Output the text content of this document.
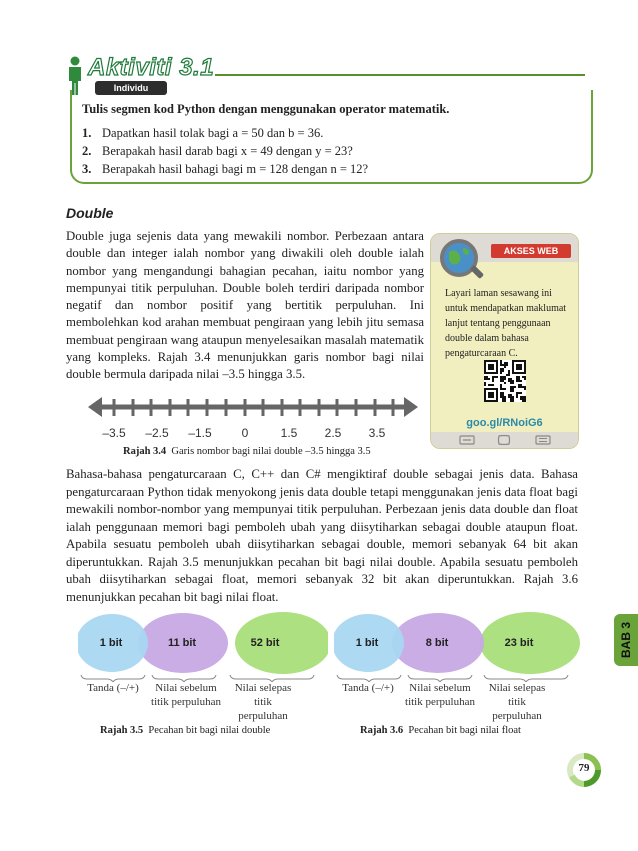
Aktiviti 3.1
Individu
Tulis segmen kod Python dengan menggunakan operator matematik.
1. Dapatkan hasil tolak bagi a = 50 dan b = 36.
2. Berapakah hasil darab bagi x = 49 dengan y = 23?
3. Berapakah hasil bahagi bagi m = 128 dengan n = 12?
Double
Double juga sejenis data yang mewakili nombor. Perbezaan antara double dan integer ialah nombor yang diwakili oleh double ialah nombor yang mengandungi bahagian pecahan, iaitu nombor yang mempunyai titik perpuluhan. Double boleh terdiri daripada nombor negatif dan nombor positif yang bertitik perpuluhan. Ini membolehkan kod arahan membuat pengiraan yang lebih jitu semasa membuat pengiraan wang ataupun menyelesaikan masalah matematik yang kompleks. Rajah 3.4 menunjukkan garis nombor bagi nilai double bermula daripada nilai –3.5 hingga 3.5.
AKSES WEB
Layari laman sesawang ini untuk mendapatkan maklumat lanjut tentang penggunaan double dalam bahasa pengaturcaraan C.
goo.gl/RNoiG6
–3.5 –2.5 –1.5 0	1.5 2.5 3.5
Rajah 3.4 Garis nombor bagi nilai double –3.5 hingga 3.5
Bahasa-bahasa pengaturcaraan C, C++ dan C# mengiktiraf double sebagai jenis data. Bahasa pengaturcaraan Python tidak menyokong jenis data double tetapi menggunakan jenis data float bagi mewakili nombor-nombor yang mempunyai titik perpuluhan. Perbezaan jenis data double dan float ialah penggunaan memori bagi pemboleh ubah yang diisytiharkan sebagai double ataupun float. Apabila sesuatu pemboleh ubah diisytiharkan sebagai double, memori sebanyak 64 bit akan diperuntukkan. Rajah 3.5 menunjukkan pecahan bit bagi nilai double. Apabila sesuatu pemboleh ubah diisytiharkan sebagai float, memori sebanyak 32 bit akan diperuntukkan. Rajah 3.6 menunjukkan pecahan bit bagi nilai float.
1 bit	11 bit	52 bit
Tanda (–/+)	Nilai sebelum titik perpuluhan
Nilai selepas titik perpuluhan
Rajah 3.5 Pecahan bit bagi nilai double
1 bit	8 bit	23 bit
Tanda (–/+)	Nilai sebelum titik perpuluhan
Nilai selepas titik perpuluhan
Rajah 3.6 Pecahan bit bagi nilai float
BAB 3
79
